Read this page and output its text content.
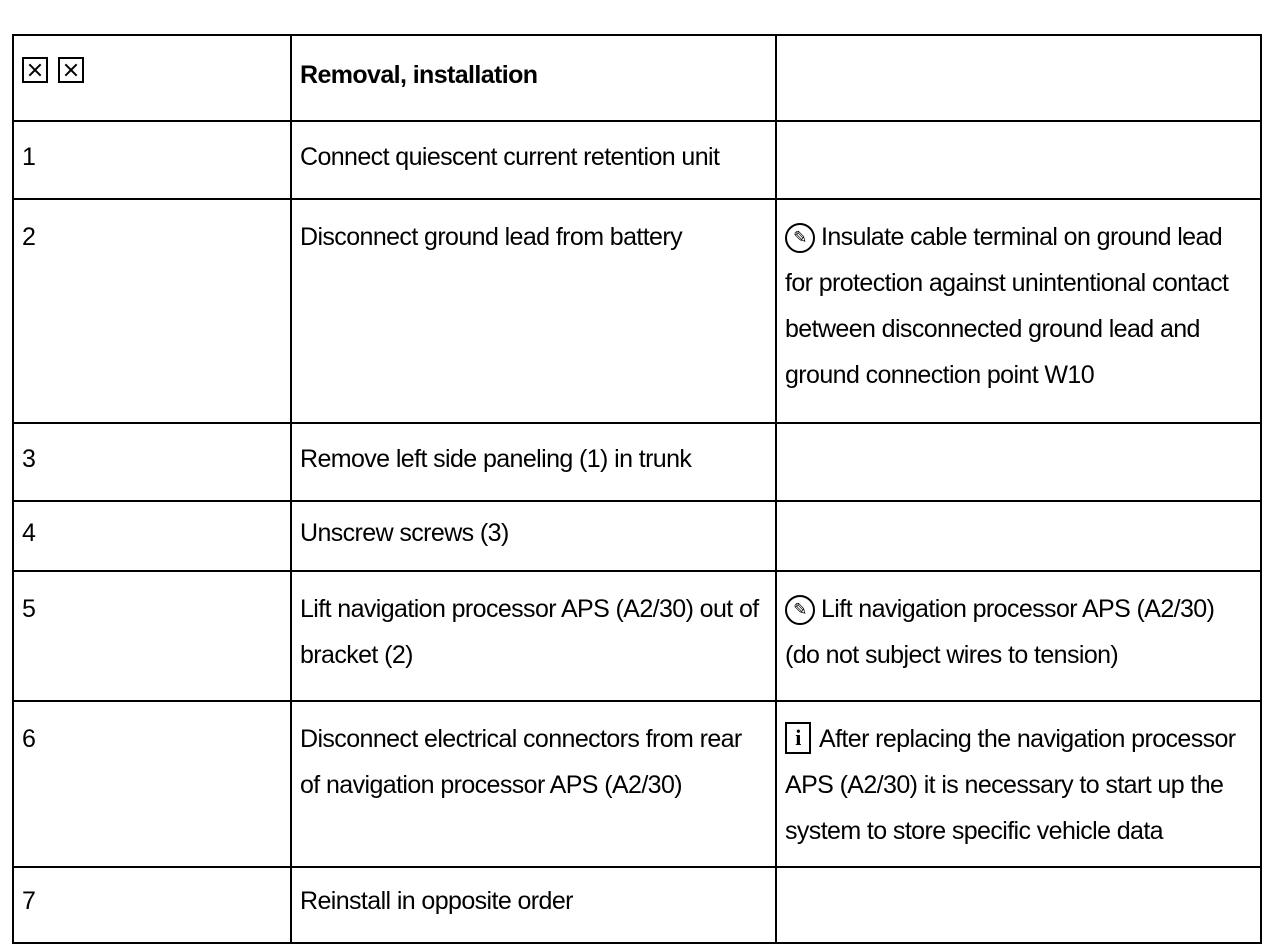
	Removal, installation	
1	Connect quiescent current retention unit	
2	Disconnect ground lead from battery	✎ Insulate cable terminal on ground lead for protection against unintentional contact between disconnected ground lead and ground connection point W10
3	Remove left side paneling (1) in trunk	
4	Unscrew screws (3)	
5	Lift navigation processor APS (A2/30) out of bracket (2)	✎ Lift navigation processor APS (A2/30) (do not subject wires to tension)
6	Disconnect electrical connectors from rear of navigation processor APS (A2/30)	i After replacing the navigation processor APS (A2/30) it is necessary to start up the system to store specific vehicle data
7	Reinstall in opposite order	
